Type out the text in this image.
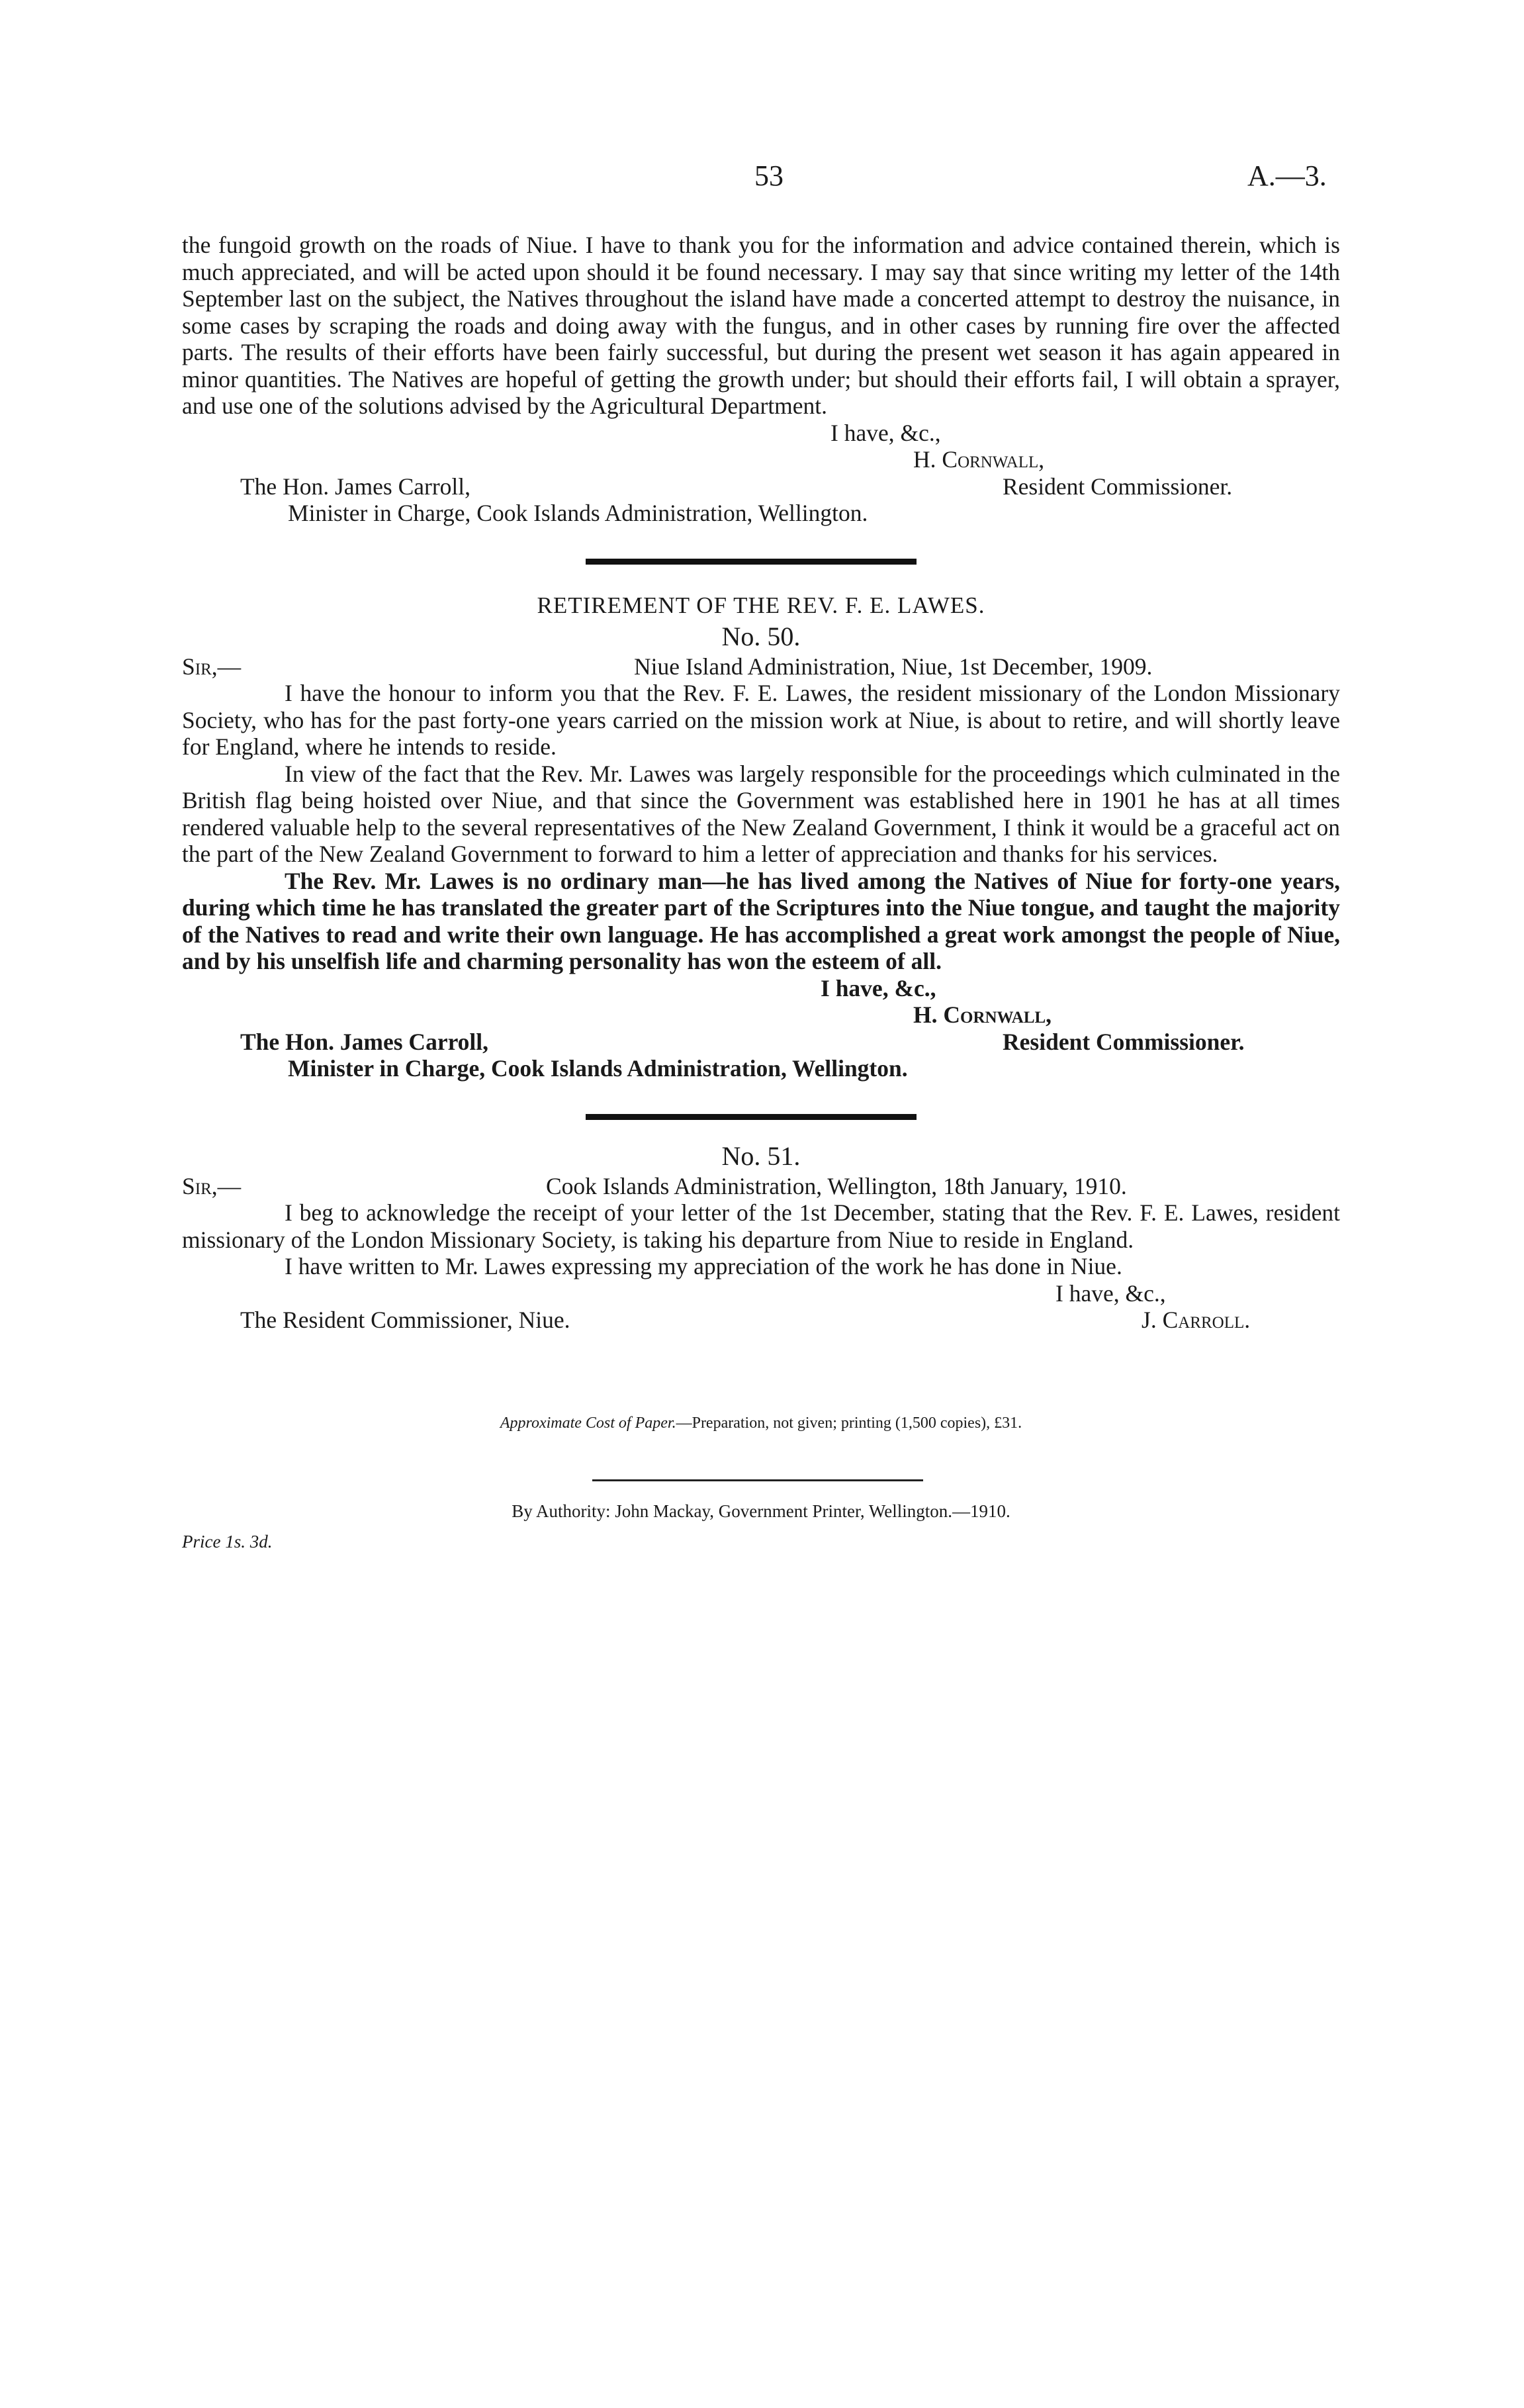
53	A.—3.

the fungoid growth on the roads of Niue. I have to thank you for the information and advice contained therein, which is much appreciated, and will be acted upon should it be found necessary. I may say that since writing my letter of the 14th September last on the subject, the Natives throughout the island have made a concerted attempt to destroy the nuisance, in some cases by scraping the roads and doing away with the fungus, and in other cases by running fire over the affected parts. The results of their efforts have been fairly successful, but during the present wet season it has again appeared in minor quantities. The Natives are hopeful of getting the growth under; but should their efforts fail, I will obtain a sprayer, and use one of the solutions advised by the Agricultural Department.

I have, &c.,
H. Cornwall,
The Hon. James Carroll,	Resident Commissioner.
Minister in Charge, Cook Islands Administration, Wellington.

RETIREMENT OF THE REV. F. E. LAWES.

No. 50.

Sir,—	Niue Island Administration, Niue, 1st December, 1909.

I have the honour to inform you that the Rev. F. E. Lawes, the resident missionary of the London Missionary Society, who has for the past forty-one years carried on the mission work at Niue, is about to retire, and will shortly leave for England, where he intends to reside.

In view of the fact that the Rev. Mr. Lawes was largely responsible for the proceedings which culminated in the British flag being hoisted over Niue, and that since the Government was established here in 1901 he has at all times rendered valuable help to the several representatives of the New Zealand Government, I think it would be a graceful act on the part of the New Zealand Government to forward to him a letter of appreciation and thanks for his services.

The Rev. Mr. Lawes is no ordinary man—he has lived among the Natives of Niue for forty-one years, during which time he has translated the greater part of the Scriptures into the Niue tongue, and taught the majority of the Natives to read and write their own language. He has accomplished a great work amongst the people of Niue, and by his unselfish life and charming personality has won the esteem of all.

I have, &c.,
H. Cornwall,
The Hon. James Carroll,	Resident Commissioner.
Minister in Charge, Cook Islands Administration, Wellington.

No. 51.

Sir,—	Cook Islands Administration, Wellington, 18th January, 1910.

I beg to acknowledge the receipt of your letter of the 1st December, stating that the Rev. F. E. Lawes, resident missionary of the London Missionary Society, is taking his departure from Niue to reside in England.

I have written to Mr. Lawes expressing my appreciation of the work he has done in Niue.

I have, &c.,
The Resident Commissioner, Niue.	J. Carroll.

Approximate Cost of Paper.—Preparation, not given; printing (1,500 copies), £31.

By Authority: John Mackay, Government Printer, Wellington.—1910.

Price 1s. 3d.
